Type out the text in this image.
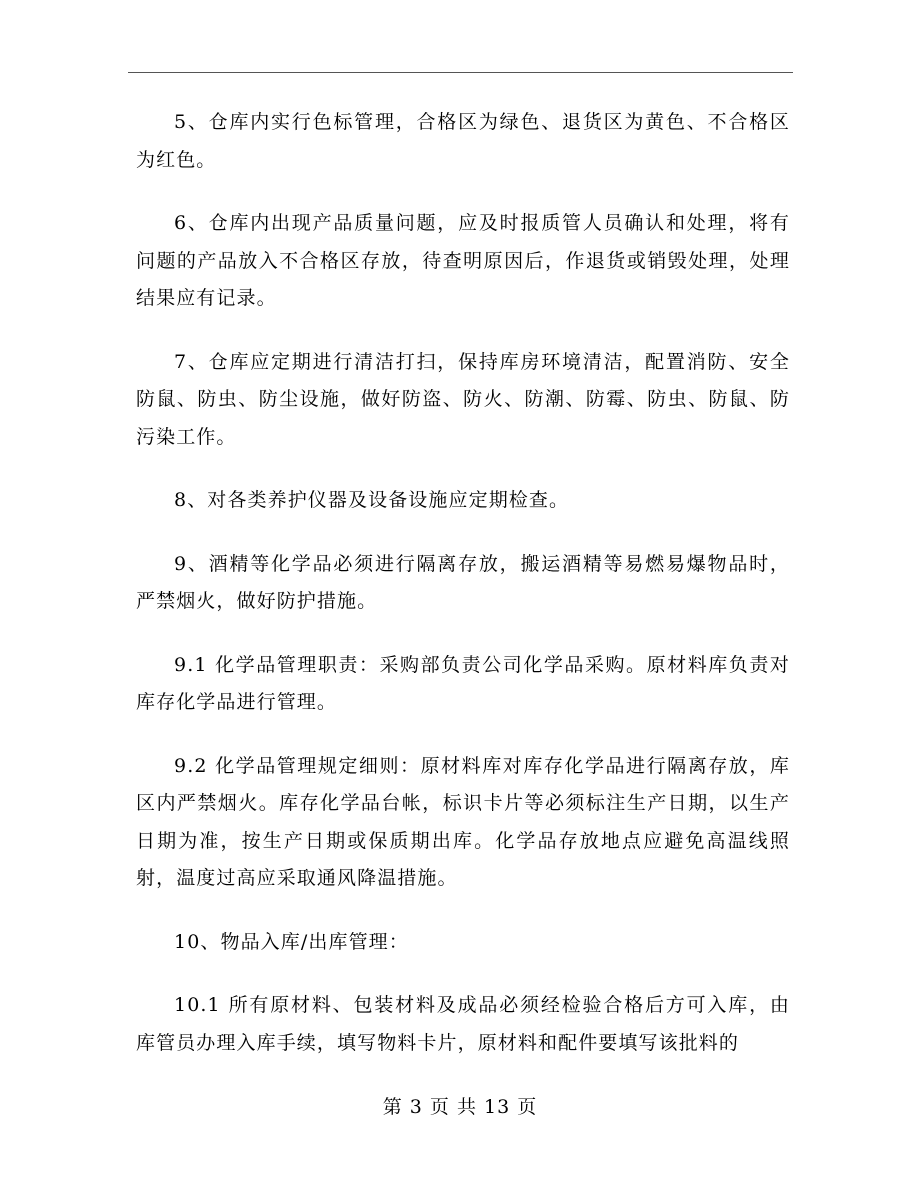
5、仓库内实行色标管理，合格区为绿色、退货区为黄色、不合格区为红色。

6、仓库内出现产品质量问题，应及时报质管人员确认和处理，将有问题的产品放入不合格区存放，待查明原因后，作退货或销毁处理，处理结果应有记录。

7、仓库应定期进行清洁打扫，保持库房环境清洁，配置消防、安全防鼠、防虫、防尘设施，做好防盗、防火、防潮、防霉、防虫、防鼠、防污染工作。

8、对各类养护仪器及设备设施应定期检查。

9、酒精等化学品必须进行隔离存放，搬运酒精等易燃易爆物品时，严禁烟火，做好防护措施。

9.1 化学品管理职责：采购部负责公司化学品采购。原材料库负责对库存化学品进行管理。

9.2 化学品管理规定细则：原材料库对库存化学品进行隔离存放，库区内严禁烟火。库存化学品台帐，标识卡片等必须标注生产日期，以生产日期为准，按生产日期或保质期出库。化学品存放地点应避免高温线照射，温度过高应采取通风降温措施。

10、物品入库/出库管理：

10.1 所有原材料、包装材料及成品必须经检验合格后方可入库，由库管员办理入库手续，填写物料卡片，原材料和配件要填写该批料的

第 3 页 共 13 页
